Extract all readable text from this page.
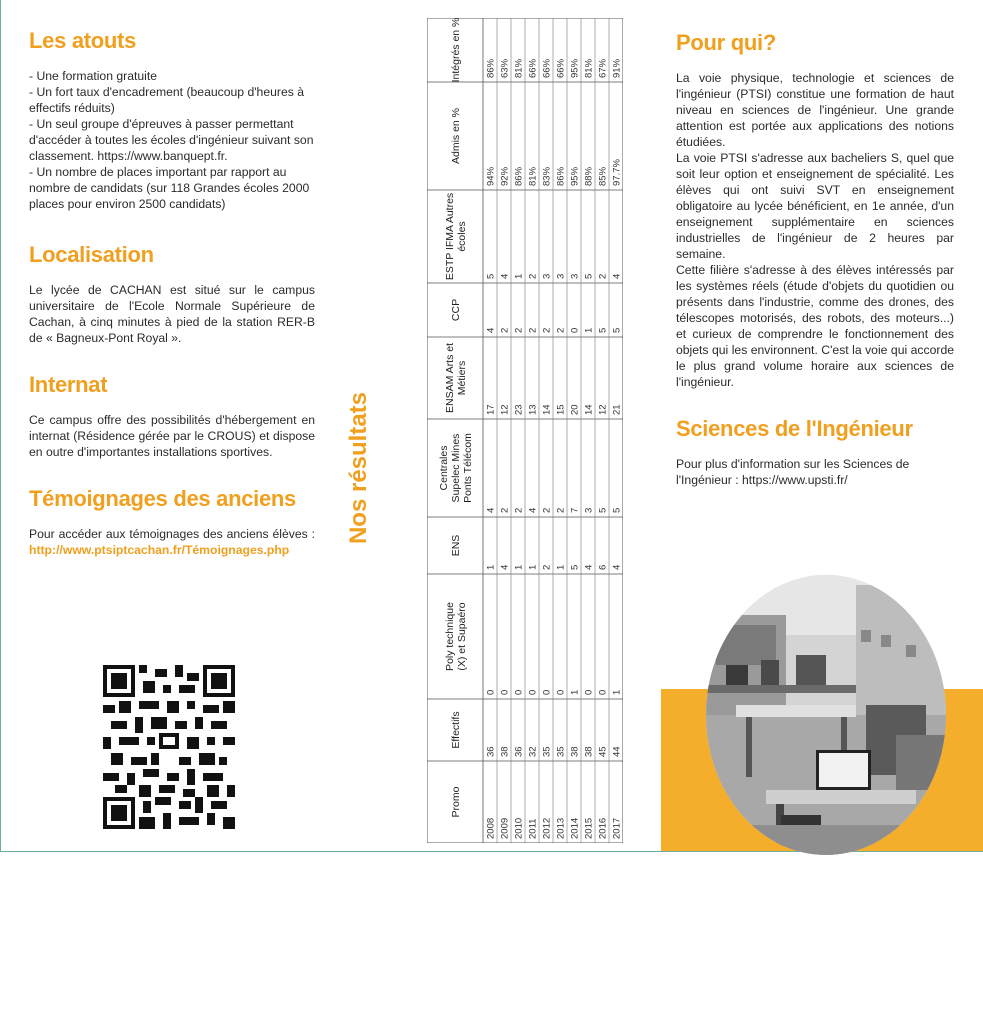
Les atouts
- Une formation gratuite
- Un fort taux d'encadrement (beaucoup d'heures à effectifs réduits)
- Un seul groupe d'épreuves à passer permettant d'accéder à toutes les écoles d'ingénieur suivant son classement. https://www.banquept.fr.
- Un nombre de places important par rapport au nombre de candidats (sur 118 Grandes écoles 2000 places pour environ 2500 candidats)
Localisation

Le lycée de CACHAN est situé sur le campus universitaire de l'Ecole Normale Supérieure de Cachan, à cinq minutes à pied de la station RER-B de « Bagneux-Pont Royal ».

Internat

Ce campus offre des possibilités d'hébergement en internat (Résidence gérée par le CROUS) et dispose en outre d'importantes installations sportives.

Témoignages des anciens

Pour accéder aux témoignages des anciens élèves : http://www.ptsiptcachan.fr/Témoignages.php

Nos résultats
Promo
Effectifs
Poly technique(X) et Supaéro
ENS
CentralesSupelec MinesPonts Télécom
ENSAM Arts etMétiers
CCP
ESTP IFMA Autresécoles
Admis en %
Intégrés en %
2008
36
0
1
4
17
4
5
94%
86%
2009
38
0
4
2
12
2
4
92%
63%
2010
36
0
1
2
23
2
1
86%
81%
2011
32
0
1
4
13
2
2
81%
66%
2012
35
0
2
2
14
2
3
83%
66%
2013
35
0
1
2
15
2
3
86%
66%
2014
38
1
5
7
20
0
3
95%
95%
2015
38
0
4
3
14
1
5
88%
81%
2016
45
0
6
5
12
5
2
85%
67%
2017
44
1
4
5
21
5
4
97.7%
91%
Pour qui?

La voie physique, technologie et sciences de l'ingénieur (PTSI) constitue une formation de haut niveau en sciences de l'ingénieur. Une grande attention est portée aux applications des notions étudiées.

La voie PTSI s'adresse aux bacheliers S, quel que soit leur option et enseignement de spécialité. Les élèves qui ont suivi SVT en enseignement obligatoire au lycée bénéficient, en 1e année, d'un enseignement supplémentaire en sciences industrielles de l'ingénieur de 2 heures par semaine.

Cette filière s'adresse à des élèves intéressés par les systèmes réels (étude d'objets du quotidien ou présents dans l'industrie, comme des drones, des télescopes motorisés, des robots, des moteurs...) et curieux de comprendre le fonctionnement des objets qui les environnent. C'est la voie qui accorde le plus grand volume horaire aux sciences de l'ingénieur.

Sciences de l'Ingénieur

Pour plus d'information sur les Sciences de l'Ingénieur : https://www.upsti.fr/
